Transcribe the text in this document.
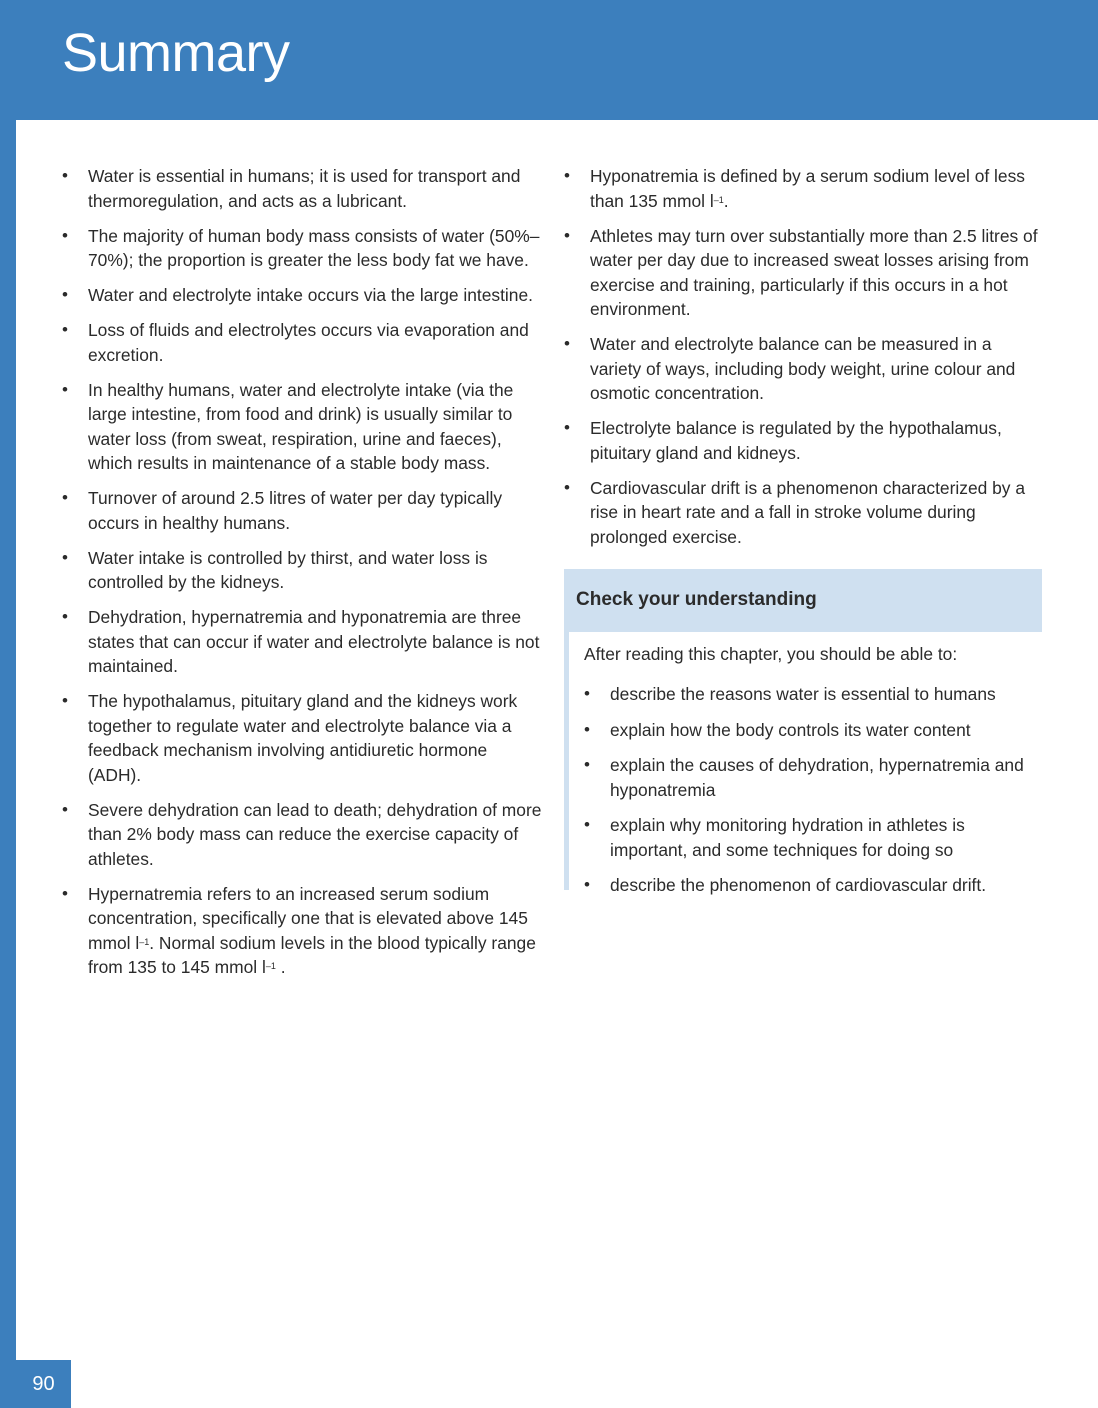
Summary
90
• Water is essential in humans; it is used for transport and thermoregulation, and acts as a lubricant.
• The majority of human body mass consists of water (50%–70%); the proportion is greater the less body fat we have.
• Water and electrolyte intake occurs via the large intestine.
• Loss of fluids and electrolytes occurs via evaporation and excretion.
• In healthy humans, water and electrolyte intake (via the large intestine, from food and drink) is usually similar to water loss (from sweat, respiration, urine and faeces), which results in maintenance of a stable body mass.
• Turnover of around 2.5 litres of water per day typically occurs in healthy humans.
• Water intake is controlled by thirst, and water loss is controlled by the kidneys.
• Dehydration, hypernatremia and hyponatremia are three states that can occur if water and electrolyte balance is not maintained.
• The hypothalamus, pituitary gland and the kidneys work together to regulate water and electrolyte balance via a feedback mechanism involving antidiuretic hormone (ADH).
• Severe dehydration can lead to death; dehydration of more than 2% body mass can reduce the exercise capacity of athletes.
• Hypernatremia refers to an increased serum sodium concentration, specifically one that is elevated above 145 mmol $l^{-1}$. Normal sodium levels in the blood typically range from 135 to 145 mmol $l^{-1}$ .
• Hyponatremia is defined by a serum sodium level of less than 135 mmol $l^{-1}$.
• Athletes may turn over substantially more than 2.5 litres of water per day due to increased sweat losses arising from exercise and training, particularly if this occurs in a hot environment.
• Water and electrolyte balance can be measured in a variety of ways, including body weight, urine colour and osmotic concentration.
• Electrolyte balance is regulated by the hypothalamus, pituitary gland and kidneys.
• Cardiovascular drift is a phenomenon characterized by a rise in heart rate and a fall in stroke volume during prolonged exercise.
Check your understanding

After reading this chapter, you should be able to:

• describe the reasons water is essential to humans
• explain how the body controls its water content
• explain the causes of dehydration, hypernatremia and hyponatremia
• explain why monitoring hydration in athletes is important, and some techniques for doing so
• describe the phenomenon of cardiovascular drift.
